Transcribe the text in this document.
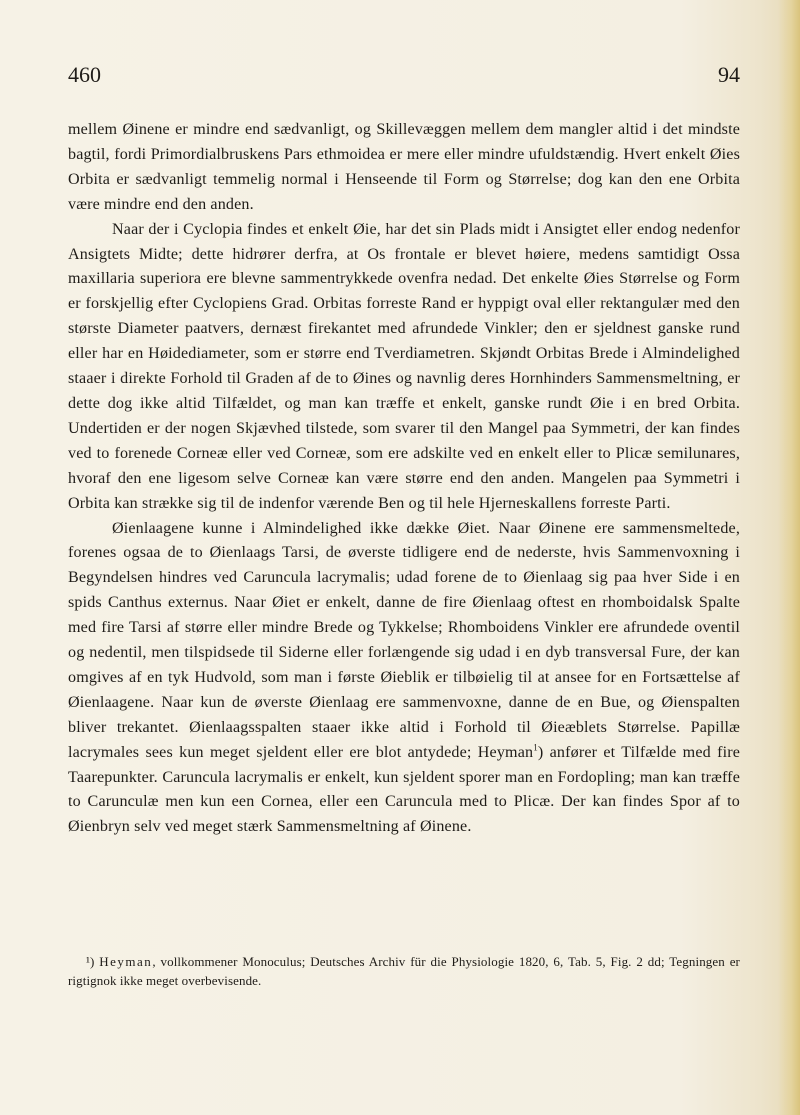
460	94

mellem Øinene er mindre end sædvanligt, og Skillevæggen mellem dem mangler altid i det mindste bagtil, fordi Primordialbruskens Pars ethmoidea er mere eller mindre ufuldstændig. Hvert enkelt Øies Orbita er sædvanligt temmelig normal i Henseende til Form og Størrelse; dog kan den ene Orbita være mindre end den anden.

Naar der i Cyclopia findes et enkelt Øie, har det sin Plads midt i Ansigtet eller endog nedenfor Ansigtets Midte; dette hidrører derfra, at Os frontale er blevet høiere, medens samtidigt Ossa maxillaria superiora ere blevne sammentrykkede ovenfra nedad. Det enkelte Øies Størrelse og Form er forskjellig efter Cyclopiens Grad. Orbitas forreste Rand er hyppigt oval eller rektangulær med den største Diameter paatvers, dernæst firekantet med afrundede Vinkler; den er sjeldnest ganske rund eller har en Høidediameter, som er større end Tverdiametren. Skjøndt Orbitas Brede i Almindelighed staaer i direkte Forhold til Graden af de to Øines og navnlig deres Hornhinders Sammensmeltning, er dette dog ikke altid Tilfældet, og man kan træffe et enkelt, ganske rundt Øie i en bred Orbita. Undertiden er der nogen Skjævhed tilstede, som svarer til den Mangel paa Symmetri, der kan findes ved to forenede Corneæ eller ved Corneæ, som ere adskilte ved en enkelt eller to Plicæ semilunares, hvoraf den ene ligesom selve Corneæ kan være større end den anden. Mangelen paa Symmetri i Orbita kan strække sig til de indenfor værende Ben og til hele Hjerneskallens forreste Parti.

Øienlaagene kunne i Almindelighed ikke dække Øiet. Naar Øinene ere sammensmeltede, forenes ogsaa de to Øienlaags Tarsi, de øverste tidligere end de nederste, hvis Sammenvoxning i Begyndelsen hindres ved Caruncula lacrymalis; udad forene de to Øienlaag sig paa hver Side i en spids Canthus externus. Naar Øiet er enkelt, danne de fire Øienlaag oftest en rhomboidalsk Spalte med fire Tarsi af større eller mindre Brede og Tykkelse; Rhomboidens Vinkler ere afrundede oventil og nedentil, men tilspidsede til Siderne eller forlængende sig udad i en dyb transversal Fure, der kan omgives af en tyk Hudvold, som man i første Øieblik er tilbøielig til at ansee for en Fortsættelse af Øienlaagene. Naar kun de øverste Øienlaag ere sammenvoxne, danne de en Bue, og Øienspalten bliver trekantet. Øienlaagsspalten staaer ikke altid i Forhold til Øieæblets Størrelse. Papillæ lacrymales sees kun meget sjeldent eller ere blot antydede; Heyman$^1$) anfører et Tilfælde med fire Taarepunkter. Caruncula lacrymalis er enkelt, kun sjeldent sporer man en Fordopling; man kan træffe to Carunculæ men kun een Cornea, eller een Caruncula med to Plicæ. Der kan findes Spor af to Øienbryn selv ved meget stærk Sammensmeltning af Øinene.

¹) Heyman, vollkommener Monoculus; Deutsches Archiv für die Physiologie 1820, 6, Tab. 5, Fig. 2 dd; Tegningen er rigtignok ikke meget overbevisende.
